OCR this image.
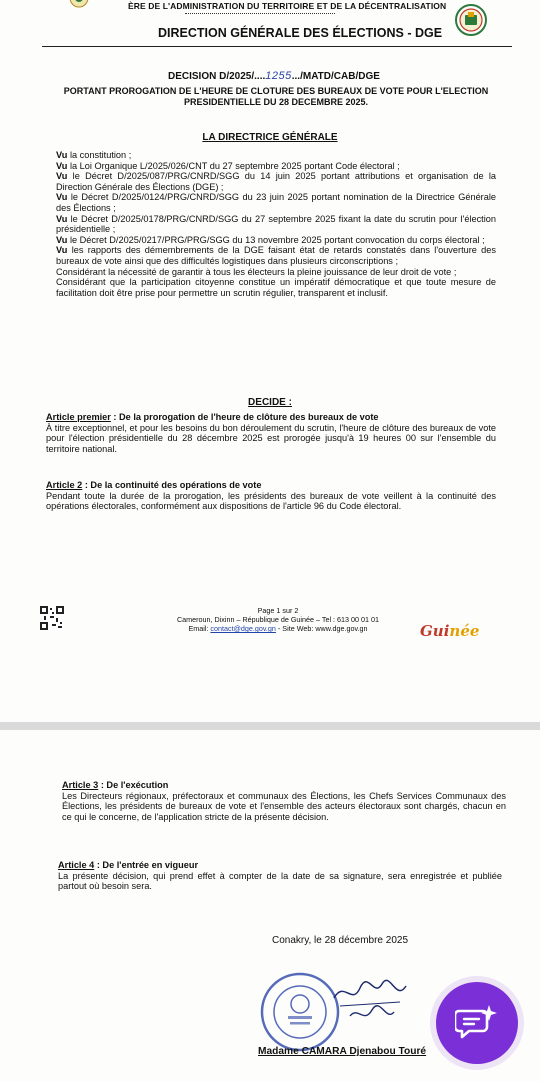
ÈRE DE L'ADMINISTRATION DU TERRITOIRE ET DE LA DÉCENTRALISATION
DIRECTION GÉNÉRALE DES ÉLECTIONS - DGE
DECISION D/2025/....1255.../MATD/CAB/DGE
PORTANT PROROGATION DE L'HEURE DE CLOTURE DES BUREAUX DE VOTE POUR L'ELECTION PRESIDENTIELLE DU 28 DECEMBRE 2025.
LA DIRECTRICE GÉNÉRALE
Vu la constitution ;
Vu la Loi Organique L/2025/026/CNT du 27 septembre 2025 portant Code électoral ;
Vu le Décret D/2025/087/PRG/CNRD/SGG du 14 juin 2025 portant attributions et organisation de la Direction Générale des Élections (DGE) ;
Vu le Décret D/2025/0124/PRG/CNRD/SGG du 23 juin 2025 portant nomination de la Directrice Générale des Élections ;
Vu le Décret D/2025/0178/PRG/CNRD/SGG du 27 septembre 2025 fixant la date du scrutin pour l'élection présidentielle ;
Vu le Décret D/2025/0217/PRG/PRG/SGG du 13 novembre 2025 portant convocation du corps électoral ;
Vu les rapports des démembrements de la DGE faisant état de retards constatés dans l'ouverture des bureaux de vote ainsi que des difficultés logistiques dans plusieurs circonscriptions ;
Considérant la nécessité de garantir à tous les électeurs la pleine jouissance de leur droit de vote ;
Considérant que la participation citoyenne constitue un impératif démocratique et que toute mesure de facilitation doit être prise pour permettre un scrutin régulier, transparent et inclusif.
DECIDE :
Article premier : De la prorogation de l'heure de clôture des bureaux de vote
À titre exceptionnel, et pour les besoins du bon déroulement du scrutin, l'heure de clôture des bureaux de vote pour l'élection présidentielle du 28 décembre 2025 est prorogée jusqu'à 19 heures 00 sur l'ensemble du territoire national.
Article 2 : De la continuité des opérations de vote
Pendant toute la durée de la prorogation, les présidents des bureaux de vote veillent à la continuité des opérations électorales, conformément aux dispositions de l'article 96 du Code électoral.
Page 1 sur 2
Cameroun, Dixinn – République de Guinée – Tel : 613 00 01 01
Email: contact@dge.gov.gn - Site Web: www.dge.gov.gn	Guinée
Article 3 : De l'exécution
Les Directeurs régionaux, préfectoraux et communaux des Élections, les Chefs Services Communaux des Élections, les présidents de bureaux de vote et l'ensemble des acteurs électoraux sont chargés, chacun en ce qui le concerne, de l'application stricte de la présente décision.
Article 4 : De l'entrée en vigueur
La présente décision, qui prend effet à compter de la date de sa signature, sera enregistrée et publiée partout où besoin sera.
Conakry, le 28 décembre 2025
Madame CAMARA Djenabou Touré
